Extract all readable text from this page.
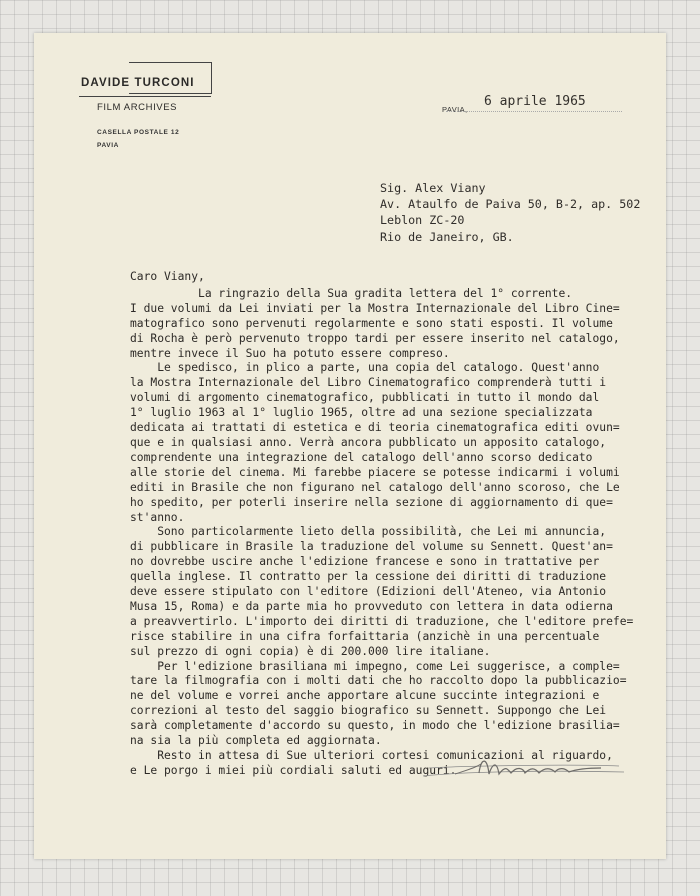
DAVIDE TURCONI
FILM ARCHIVES
CASELLA POSTALE 12
PAVIA
PAVIA,
6 aprile 1965
Sig. Alex Viany
Av. Ataulfo de Paiva 50, B-2, ap. 502
Leblon ZC-20
Rio de Janeiro, GB.
Caro Viany,
La ringrazio della Sua gradita lettera del 1° corrente.
I due volumi da Lei inviati per la Mostra Internazionale del Libro Cine=
matografico sono pervenuti regolarmente e sono stati esposti. Il volume
di Rocha è però pervenuto troppo tardi per essere inserito nel catalogo,
mentre invece il Suo ha potuto essere compreso.
Le spedisco, in plico a parte, una copia del catalogo. Quest'anno
la Mostra Internazionale del Libro Cinematografico comprenderà tutti i
volumi di argomento cinematografico, pubblicati in tutto il mondo dal
1° luglio 1963 al 1° luglio 1965, oltre ad una sezione specializzata
dedicata ai trattati di estetica e di teoria cinematografica editi ovun=
que e in qualsiasi anno. Verrà ancora pubblicato un apposito catalogo,
comprendente una integrazione del catalogo dell'anno scorso dedicato
alle storie del cinema. Mi farebbe piacere se potesse indicarmi i volumi
editi in Brasile che non figurano nel catalogo dell'anno scoroso, che Le
ho spedito, per poterli inserire nella sezione di aggiornamento di que=
st'anno.
Sono particolarmente lieto della possibilità, che Lei mi annuncia,
di pubblicare in Brasile la traduzione del volume su Sennett. Quest'an=
no dovrebbe uscire anche l'edizione francese e sono in trattative per
quella inglese. Il contratto per la cessione dei diritti di traduzione
deve essere stipulato con l'editore (Edizioni dell'Ateneo, via Antonio
Musa 15, Roma) e da parte mia ho provveduto con lettera in data odierna
a preavvertirlo. L'importo dei diritti di traduzione, che l'editore prefe=
risce stabilire in una cifra forfaittaria (anzichè in una percentuale
sul prezzo di ogni copia) è di 200.000 lire italiane.
Per l'edizione brasiliana mi impegno, come Lei suggerisce, a comple=
tare la filmografia con i molti dati che ho raccolto dopo la pubblicazio=
ne del volume e vorrei anche apportare alcune succinte integrazioni e
correzioni al testo del saggio biografico su Sennett. Suppongo che Lei
sarà completamente d'accordo su questo, in modo che l'edizione brasilia=
na sia la più completa ed aggiornata.
Resto in attesa di Sue ulteriori cortesi comunicazioni al riguardo,
e Le porgo i miei più cordiali saluti ed auguri.
